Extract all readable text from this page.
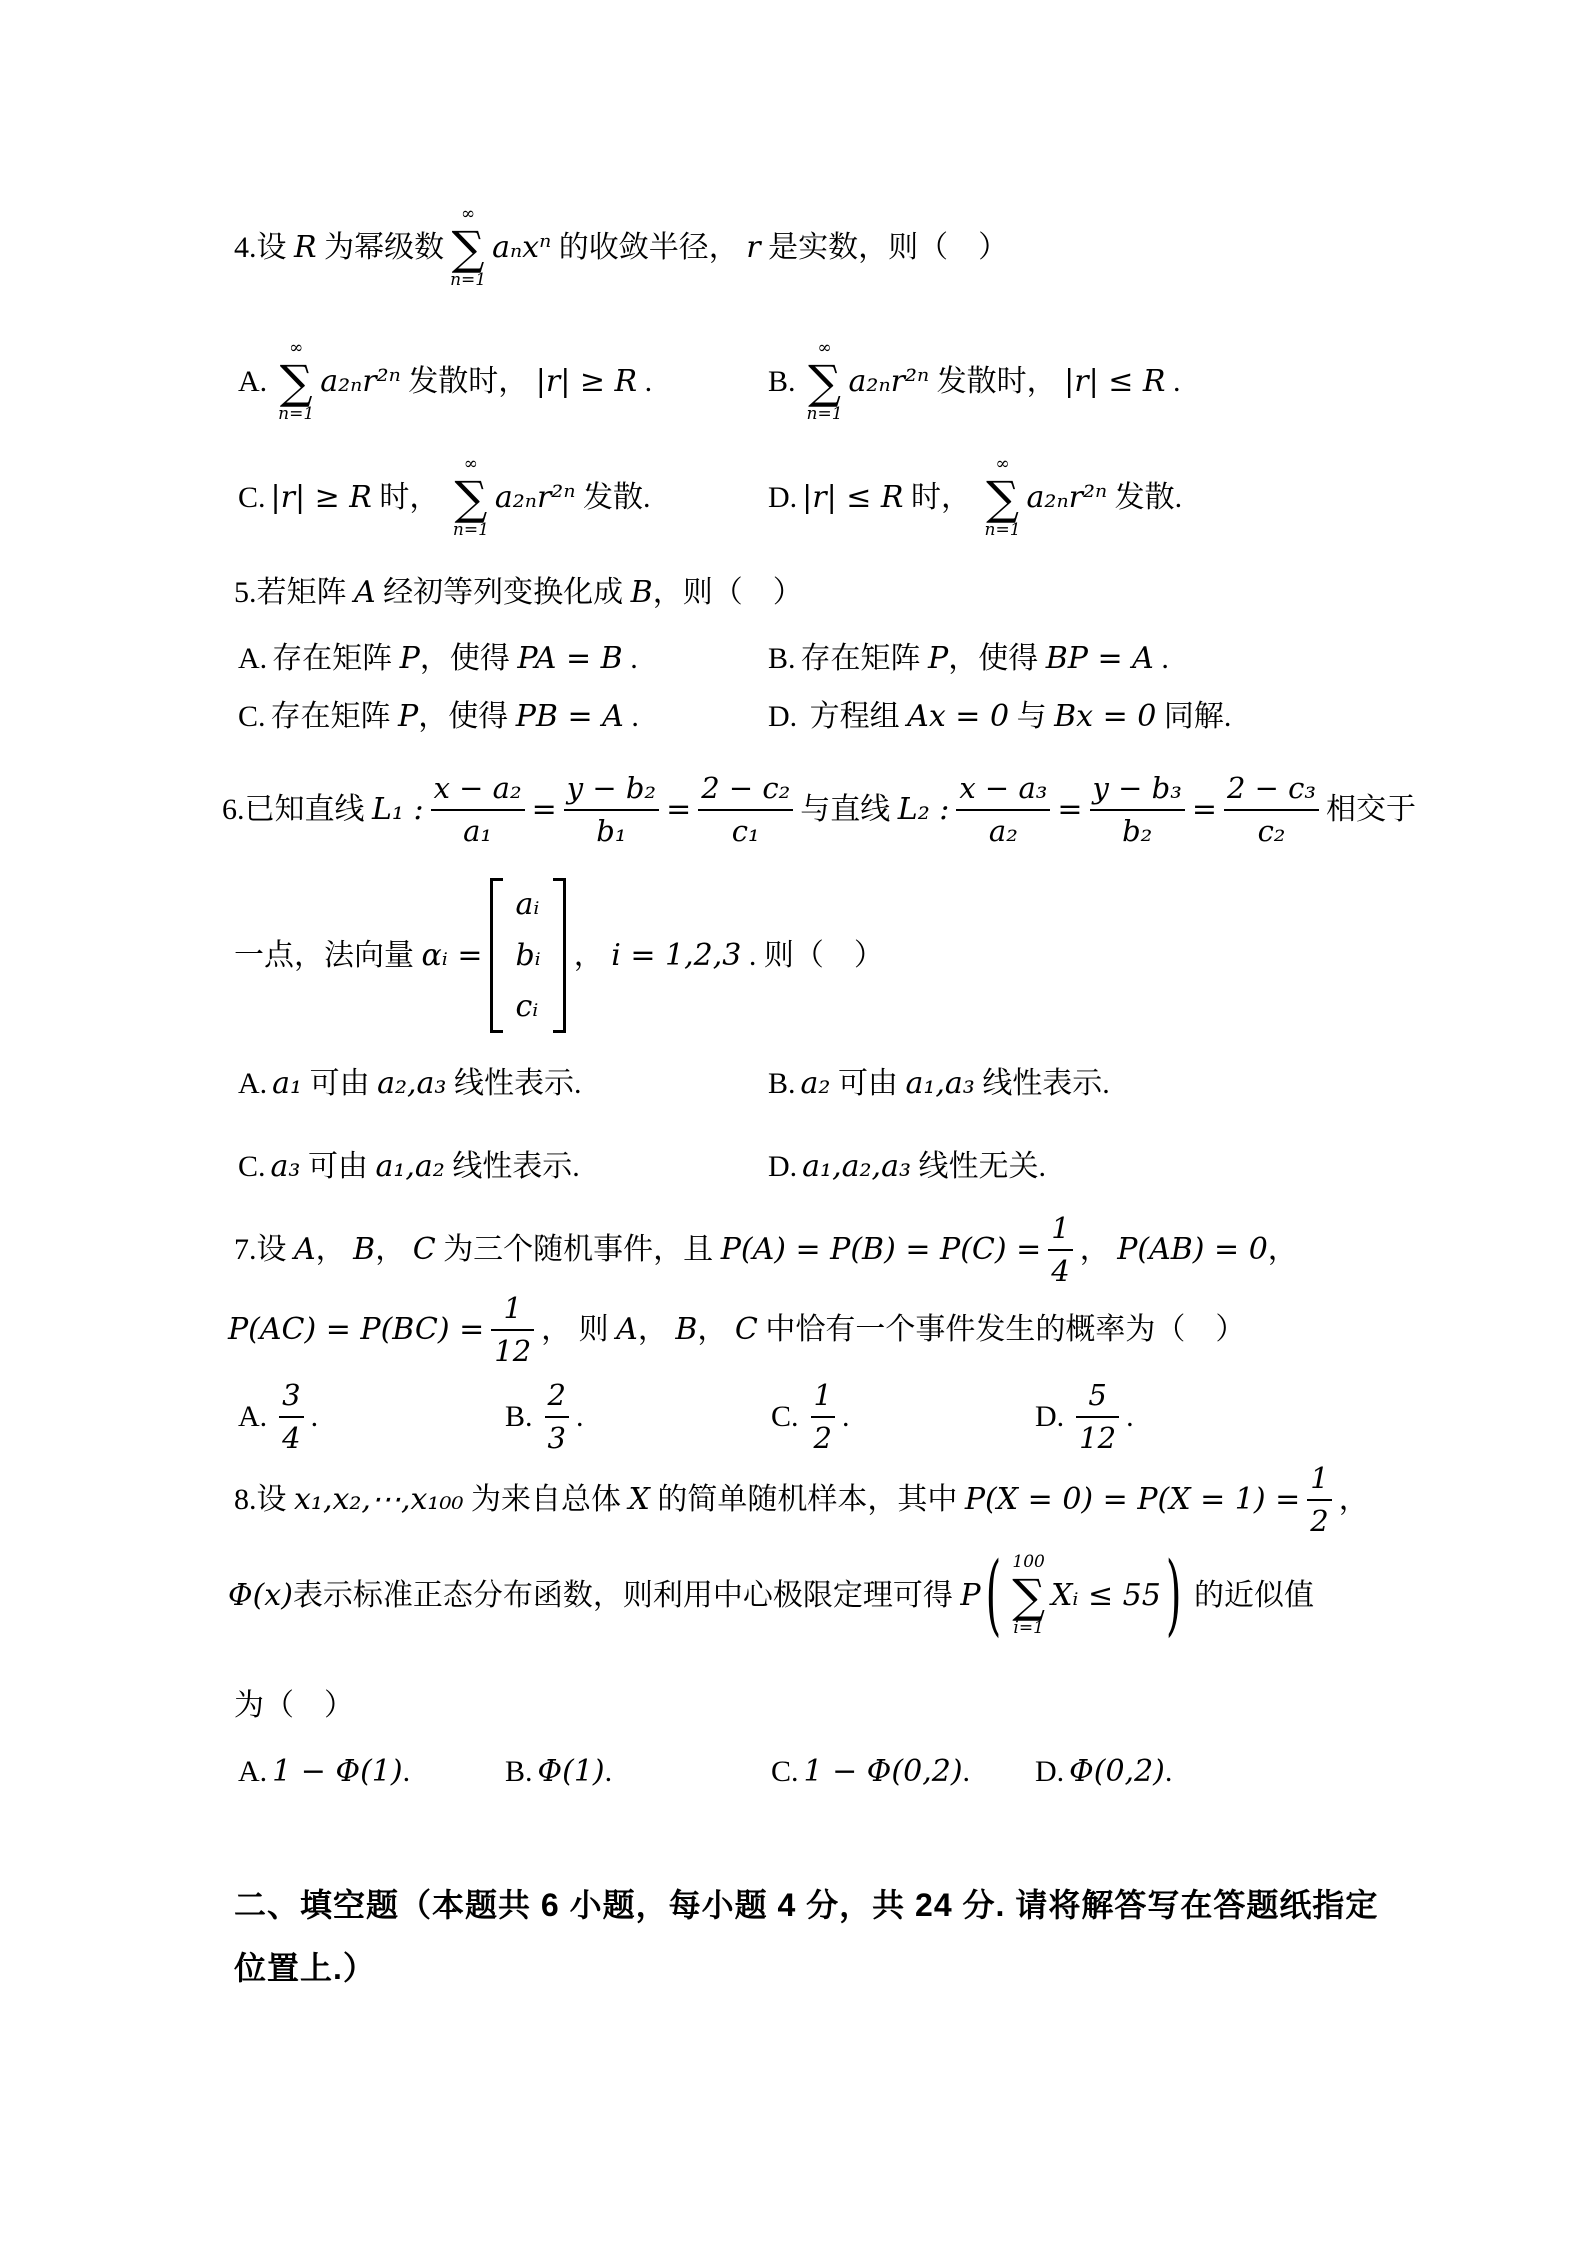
4.设 R 为幂级数
∞
∑
n=1
aₙxⁿ 的收敛半径， r 是实数，则（　）
A.
∞
∑
n=1
a₂ₙr²ⁿ 发散时， |r| ≥ R .	B.
∞
∑
n=1
a₂ₙr²ⁿ 发散时， |r| ≤ R .
C. |r| ≥ R 时，
∞
∑
n=1
a₂ₙr²ⁿ 发散.	D. |r| ≤ R 时，
∞
∑
n=1
a₂ₙr²ⁿ 发散.
5.若矩阵 A 经初等列变换化成 B ，则（　）
A. 存在矩阵 P ，使得 PA = B .	B. 存在矩阵 P ，使得 BP = A .
C. 存在矩阵 P ，使得 PB = A .	D. 方程组 Ax = 0 与 Bx = 0 同解.
6.已知直线 L₁ : $\frac{\text{x − a₂}}{\text{a₁}} = \frac{\text{y − b₂}}{\text{b₁}} = \frac{\text{2 − c₂}}{\text{c₁}}$ 与直线 L₂ : $\frac{\text{x − a₃}}{\text{a₂}} = \frac{\text{y − b₃}}{\text{b₂}} = \frac{\text{2 − c₃}}{\text{c₂}}$ 相交于
一点，法向量 αᵢ =
aᵢ
bᵢ
cᵢ
， i = 1,2,3 . 则（　）
A. a₁ 可由 a₂,a₃ 线性表示.	B. a₂ 可由 a₁,a₃ 线性表示.
C. a₃ 可由 a₁,a₂ 线性表示.	D. a₁,a₂,a₃ 线性无关.
7.设 A ， B ， C 为三个随机事件，且 $P(A) = P(B) = P(C) = \frac{1}{4}$ ， P(AB) = 0 ，
$P(AC) = P(BC) = \frac{1}{12}$ ， 则 A ， B ， C 中恰有一个事件发生的概率为（　）
A. $\frac{3}{4}$ .	B. $\frac{2}{3}$ .	C. $\frac{1}{2}$ .	D. $\frac{5}{12}$ .
8.设 x₁,x₂,⋯,x₁₀₀ 为来自总体 X 的简单随机样本，其中 $P(X = 0) = P(X = 1) = \frac{1}{2}$ ，
Φ(x) 表示标准正态分布函数，则利用中心极限定理可得 P ( 100
∑
i=1
Xᵢ ≤ 55 ) 的近似值
为（　）
A. 1 − Φ(1) .	B. Φ(1) .	C. 1 − Φ(0,2) . D. Φ(0,2) .
二、填空题（本题共 6 小题，每小题 4 分，共 24 分. 请将解答写在答题纸指定
位置上.）
